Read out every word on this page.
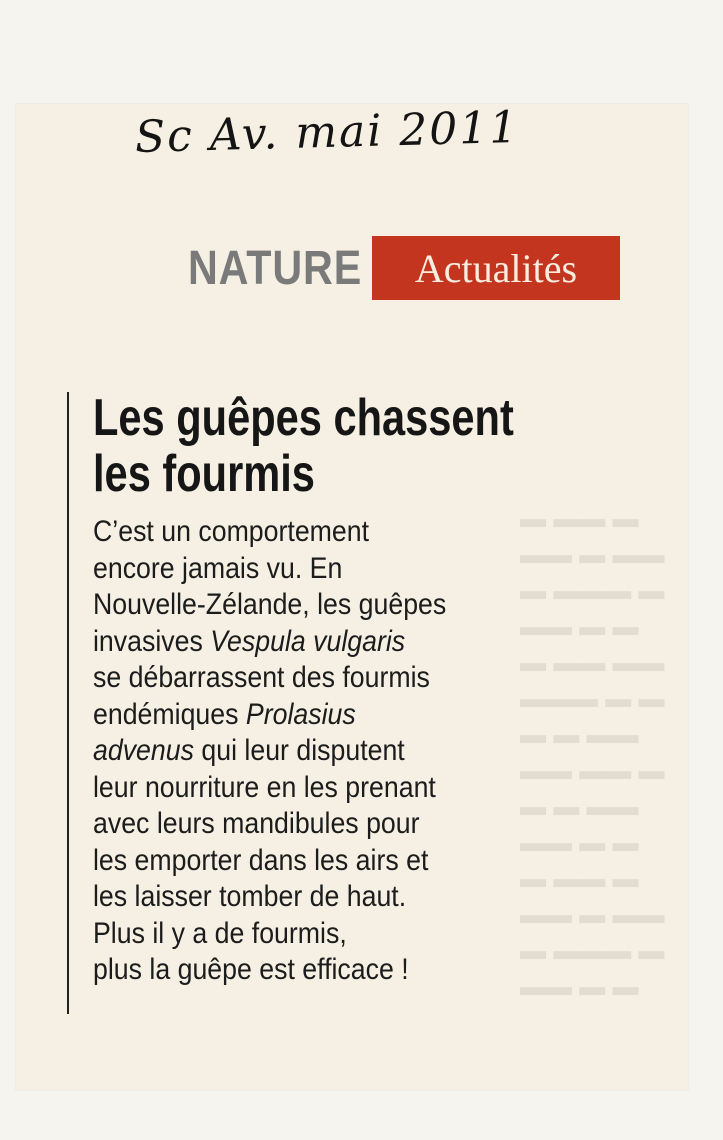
Sc Av. mai 2011
NATURE	Actualités
Les guêpes chassent
les fourmis
C’est un comportement
encore jamais vu. En
Nouvelle-Zélande, les guêpes
invasives Vespula vulgaris
se débarrassent des fourmis
endémiques Prolasius
advenus qui leur disputent
leur nourriture en les prenant
avec leurs mandibules pour
les emporter dans les airs et
les laisser tomber de haut.
Plus il y a de fourmis,
plus la guêpe est efficace !
